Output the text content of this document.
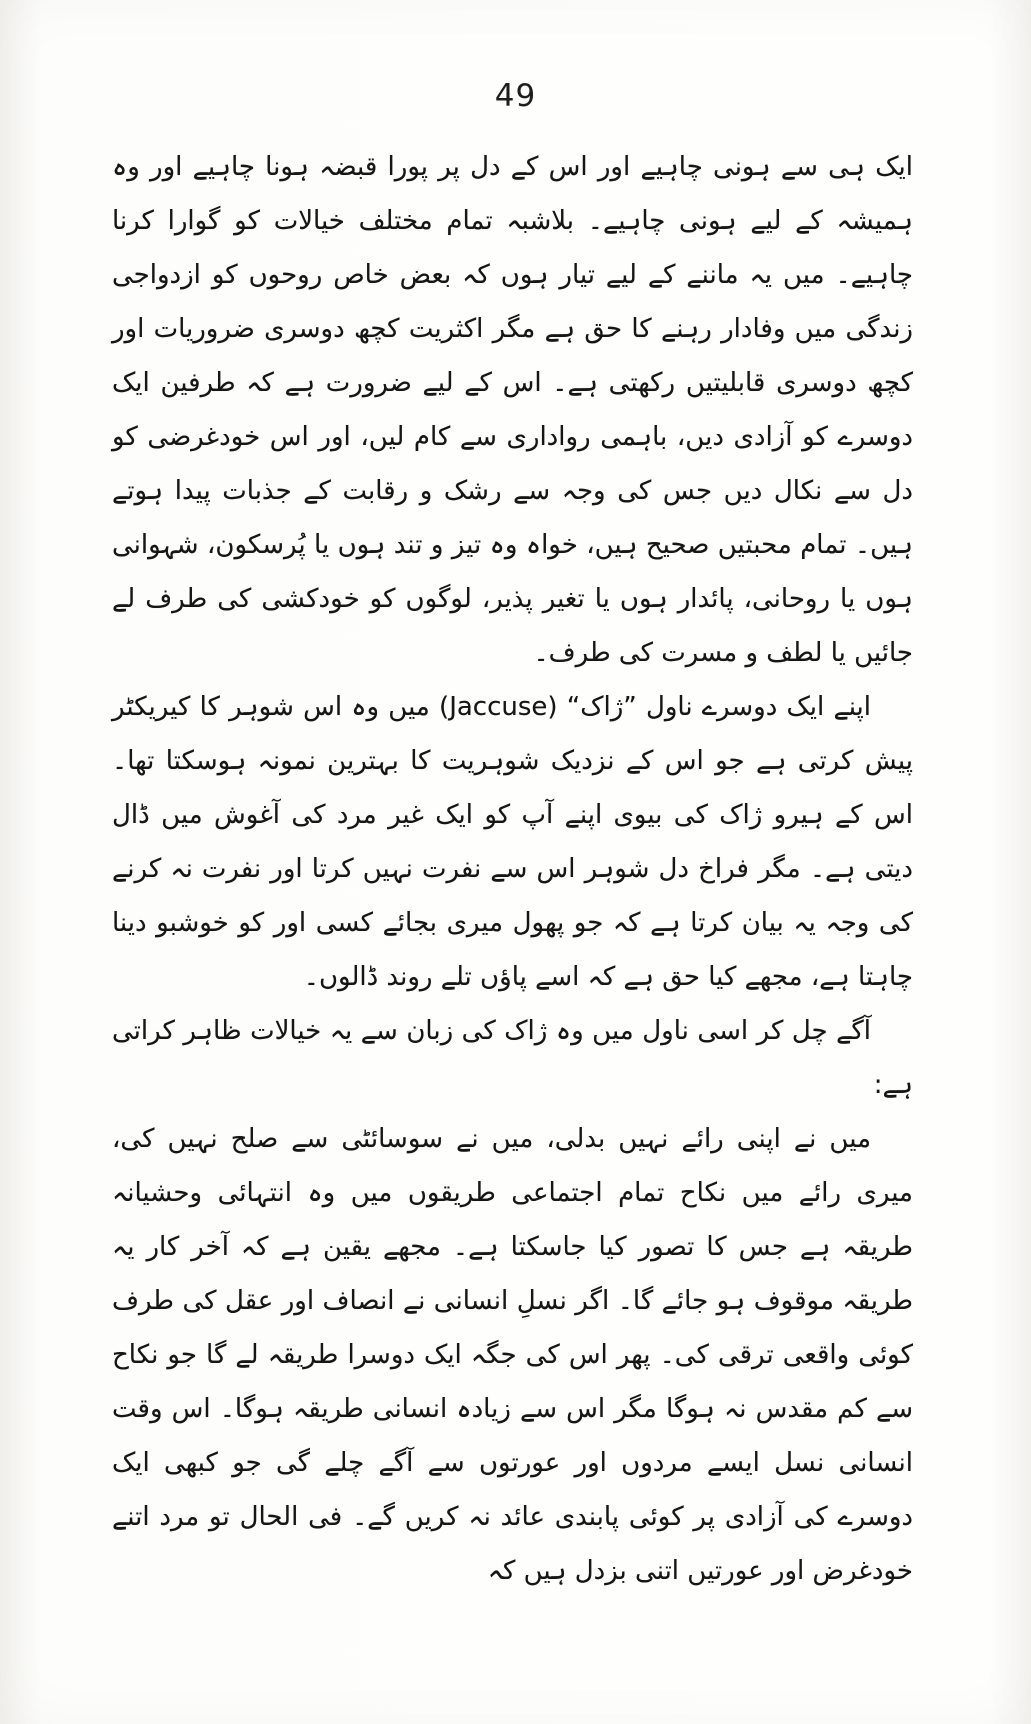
49

ایک ہی سے ہونی چاہیے اور اس کے دل پر پورا قبضہ ہونا چاہیے اور وہ ہمیشہ کے لیے ہونی چاہیے۔ بلاشبہ تمام مختلف خیالات کو گوارا کرنا چاہیے۔ میں یہ ماننے کے لیے تیار ہوں کہ بعض خاص روحوں کو ازدواجی زندگی میں وفادار رہنے کا حق ہے مگر اکثریت کچھ دوسری ضروریات اور کچھ دوسری قابلیتیں رکھتی ہے۔ اس کے لیے ضرورت ہے کہ طرفین ایک دوسرے کو آزادی دیں، باہمی رواداری سے کام لیں، اور اس خودغرضی کو دل سے نکال دیں جس کی وجہ سے رشک و رقابت کے جذبات پیدا ہوتے ہیں۔ تمام محبتیں صحیح ہیں، خواہ وہ تیز و تند ہوں یا پُرسکون، شہوانی ہوں یا روحانی، پائدار ہوں یا تغیر پذیر، لوگوں کو خودکشی کی طرف لے جائیں یا لطف و مسرت کی طرف۔

اپنے ایک دوسرے ناول ”ژاک“ (Jaccuse) میں وہ اس شوہر کا کیریکٹر پیش کرتی ہے جو اس کے نزدیک شوہریت کا بہترین نمونہ ہوسکتا تھا۔ اس کے ہیرو ژاک کی بیوی اپنے آپ کو ایک غیر مرد کی آغوش میں ڈال دیتی ہے۔ مگر فراخ دل شوہر اس سے نفرت نہیں کرتا اور نفرت نہ کرنے کی وجہ یہ بیان کرتا ہے کہ جو پھول میری بجائے کسی اور کو خوشبو دینا چاہتا ہے، مجھے کیا حق ہے کہ اسے پاؤں تلے روند ڈالوں۔

آگے چل کر اسی ناول میں وہ ژاک کی زبان سے یہ خیالات ظاہر کراتی ہے:

میں نے اپنی رائے نہیں بدلی، میں نے سوسائٹی سے صلح نہیں کی، میری رائے میں نکاح تمام اجتماعی طریقوں میں وہ انتہائی وحشیانہ طریقہ ہے جس کا تصور کیا جاسکتا ہے۔ مجھے یقین ہے کہ آخر کار یہ طریقہ موقوف ہو جائے گا۔ اگر نسلِ انسانی نے انصاف اور عقل کی طرف کوئی واقعی ترقی کی۔ پھر اس کی جگہ ایک دوسرا طریقہ لے گا جو نکاح سے کم مقدس نہ ہوگا مگر اس سے زیادہ انسانی طریقہ ہوگا۔ اس وقت انسانی نسل ایسے مردوں اور عورتوں سے آگے چلے گی جو کبھی ایک دوسرے کی آزادی پر کوئی پابندی عائد نہ کریں گے۔ فی الحال تو مرد اتنے خودغرض اور عورتیں اتنی بزدل ہیں کہ
